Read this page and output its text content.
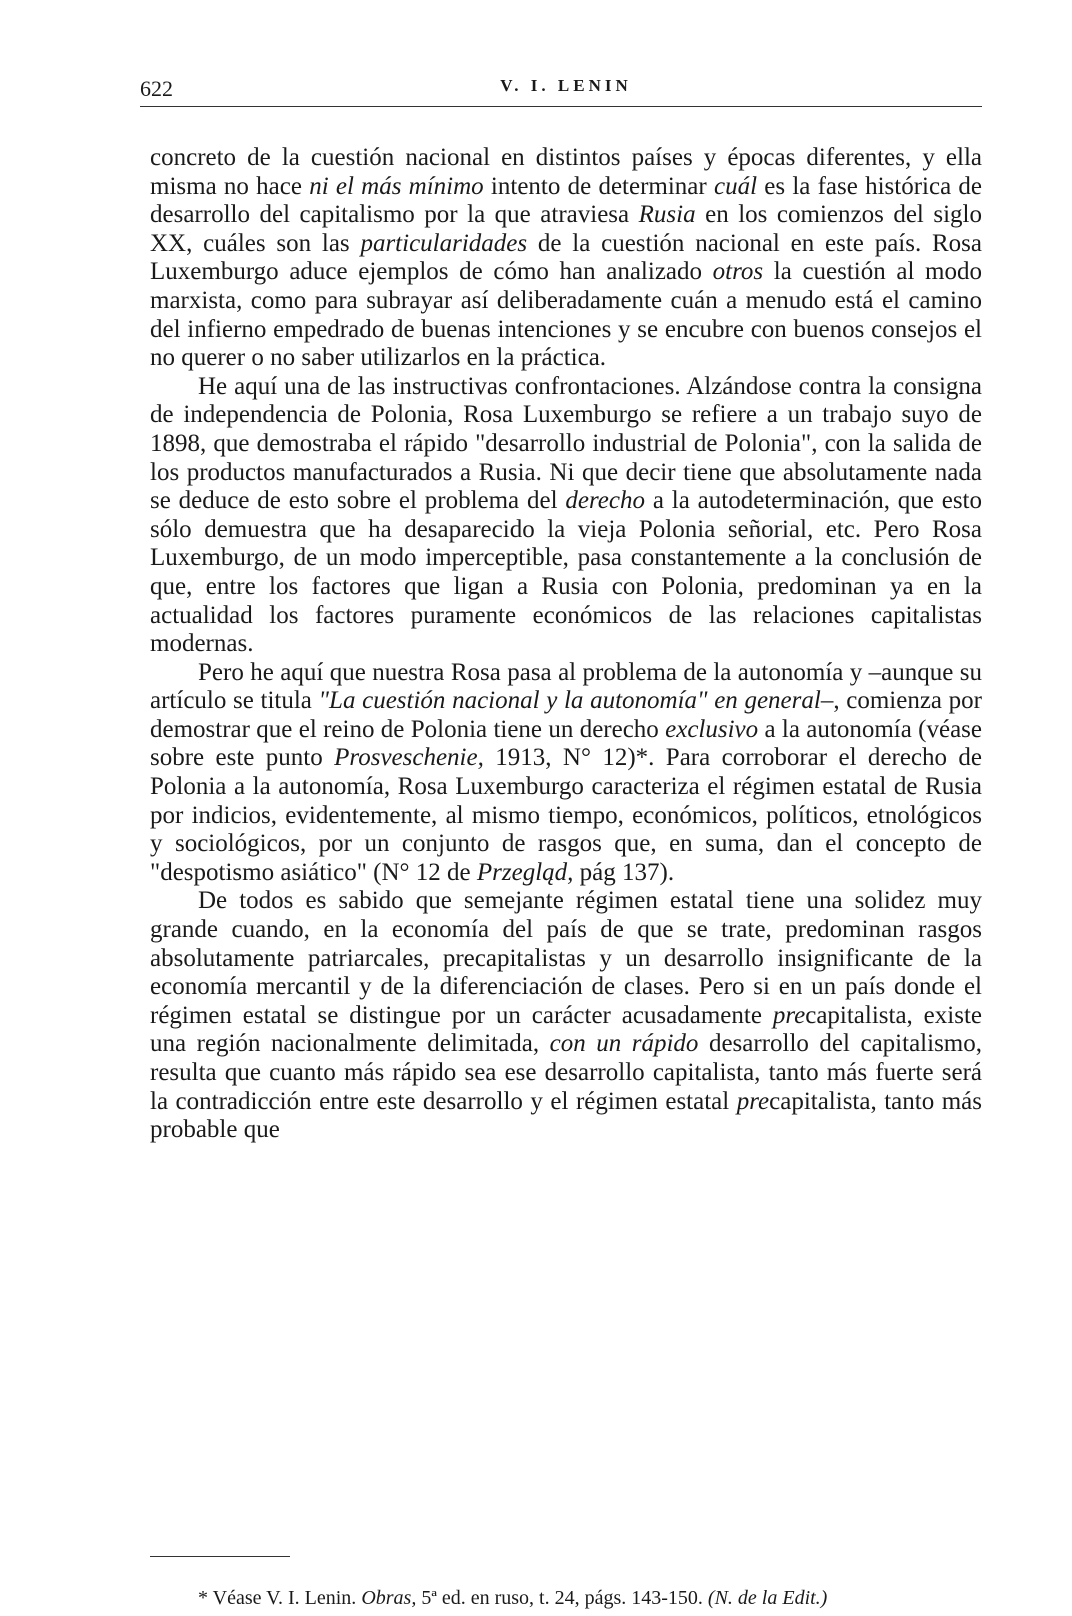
622	V. I. LENIN

concreto de la cuestión nacional en distintos países y épocas diferentes, y ella misma no hace ni el más mínimo intento de determinar cuál es la fase histórica de desarrollo del capitalismo por la que atraviesa Rusia en los comienzos del siglo XX, cuáles son las particularidades de la cuestión nacional en este país. Rosa Luxemburgo aduce ejemplos de cómo han analizado otros la cuestión al modo marxista, como para subrayar así deliberadamente cuán a menudo está el camino del infierno empedrado de buenas intenciones y se encubre con buenos consejos el no querer o no saber utilizarlos en la práctica.

He aquí una de las instructivas confrontaciones. Alzándose contra la consigna de independencia de Polonia, Rosa Luxemburgo se refiere a un trabajo suyo de 1898, que demostraba el rápido "desarrollo industrial de Polonia", con la salida de los productos manufacturados a Rusia. Ni que decir tiene que absolutamente nada se deduce de esto sobre el problema del derecho a la autodeterminación, que esto sólo demuestra que ha desaparecido la vieja Polonia señorial, etc. Pero Rosa Luxemburgo, de un modo imperceptible, pasa constantemente a la conclusión de que, entre los factores que ligan a Rusia con Polonia, predominan ya en la actualidad los factores puramente económicos de las relaciones capitalistas modernas.

Pero he aquí que nuestra Rosa pasa al problema de la autonomía y –aunque su artículo se titula "La cuestión nacional y la autonomía" en general–, comienza por demostrar que el reino de Polonia tiene un derecho exclusivo a la autonomía (véase sobre este punto Prosveschenie, 1913, N° 12)*. Para corroborar el derecho de Polonia a la autonomía, Rosa Luxemburgo caracteriza el régimen estatal de Rusia por indicios, evidentemente, al mismo tiempo, económicos, políticos, etnológicos y sociológicos, por un conjunto de rasgos que, en suma, dan el concepto de "despotismo asiático" (N° 12 de Przegląd, pág 137).

De todos es sabido que semejante régimen estatal tiene una solidez muy grande cuando, en la economía del país de que se trate, predominan rasgos absolutamente patriarcales, precapitalistas y un desarrollo insignificante de la economía mercantil y de la diferenciación de clases. Pero si en un país donde el régimen estatal se distingue por un carácter acusadamente precapitalista, existe una región nacionalmente delimitada, con un rápido desarrollo del capitalismo, resulta que cuanto más rápido sea ese desarrollo capitalista, tanto más fuerte será la contradicción entre este desarrollo y el régimen estatal precapitalista, tanto más probable que

* Véase V. I. Lenin. Obras, 5ª ed. en ruso, t. 24, págs. 143-150. (N. de la Edit.)
